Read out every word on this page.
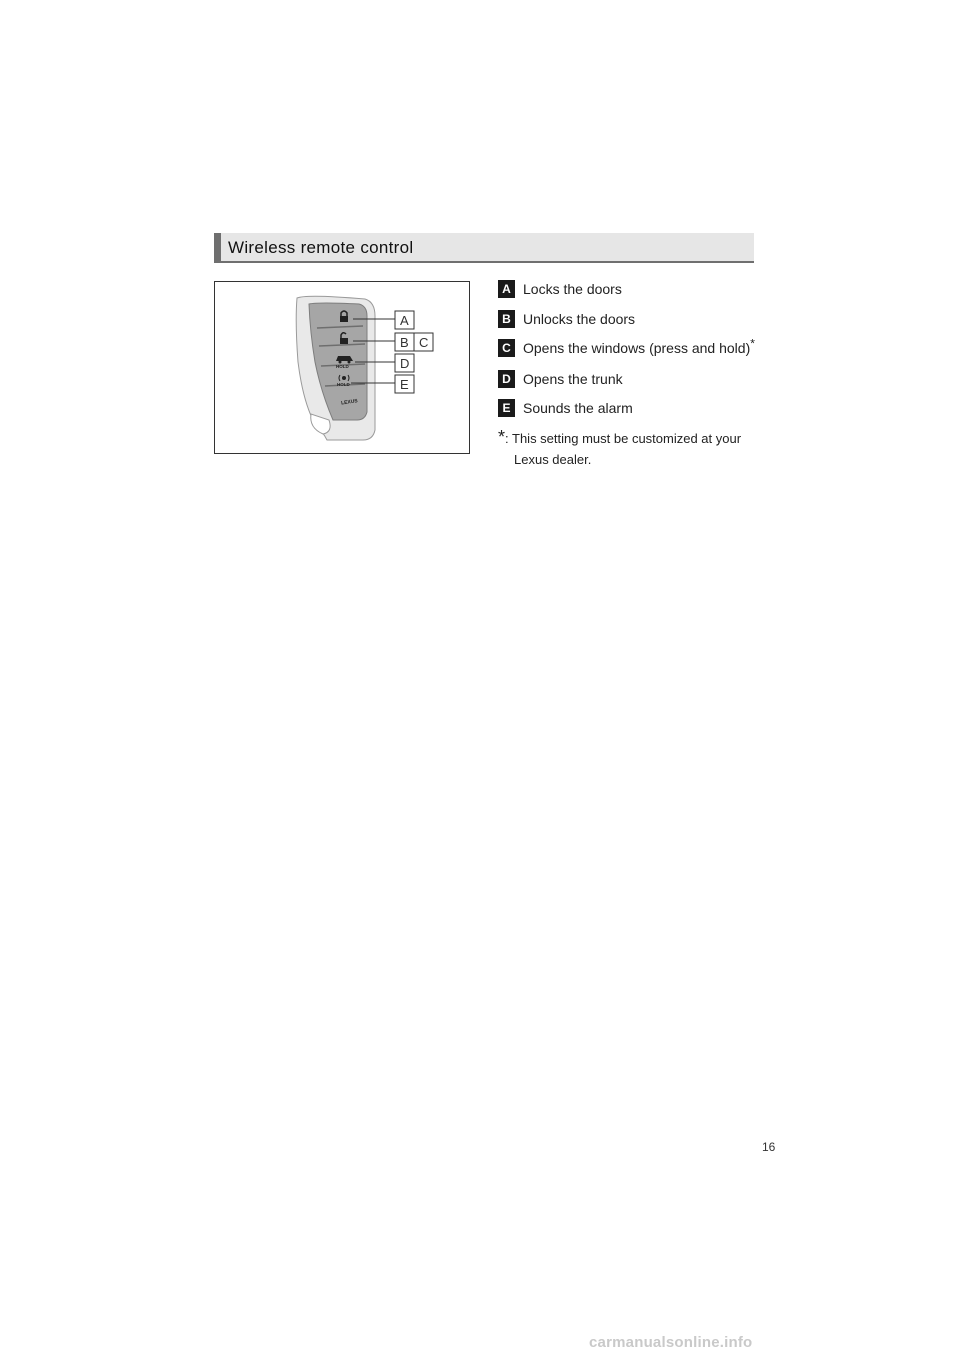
Wireless remote control
HOLD
HOLD
LEXUS
A
B C
D
E
A Locks the doors
B Unlocks the doors
C Opens the windows (press and hold)*
D Opens the trunk
E Sounds the alarm
*: This setting must be customized at your
Lexus dealer.
16
carmanualsonline.info
